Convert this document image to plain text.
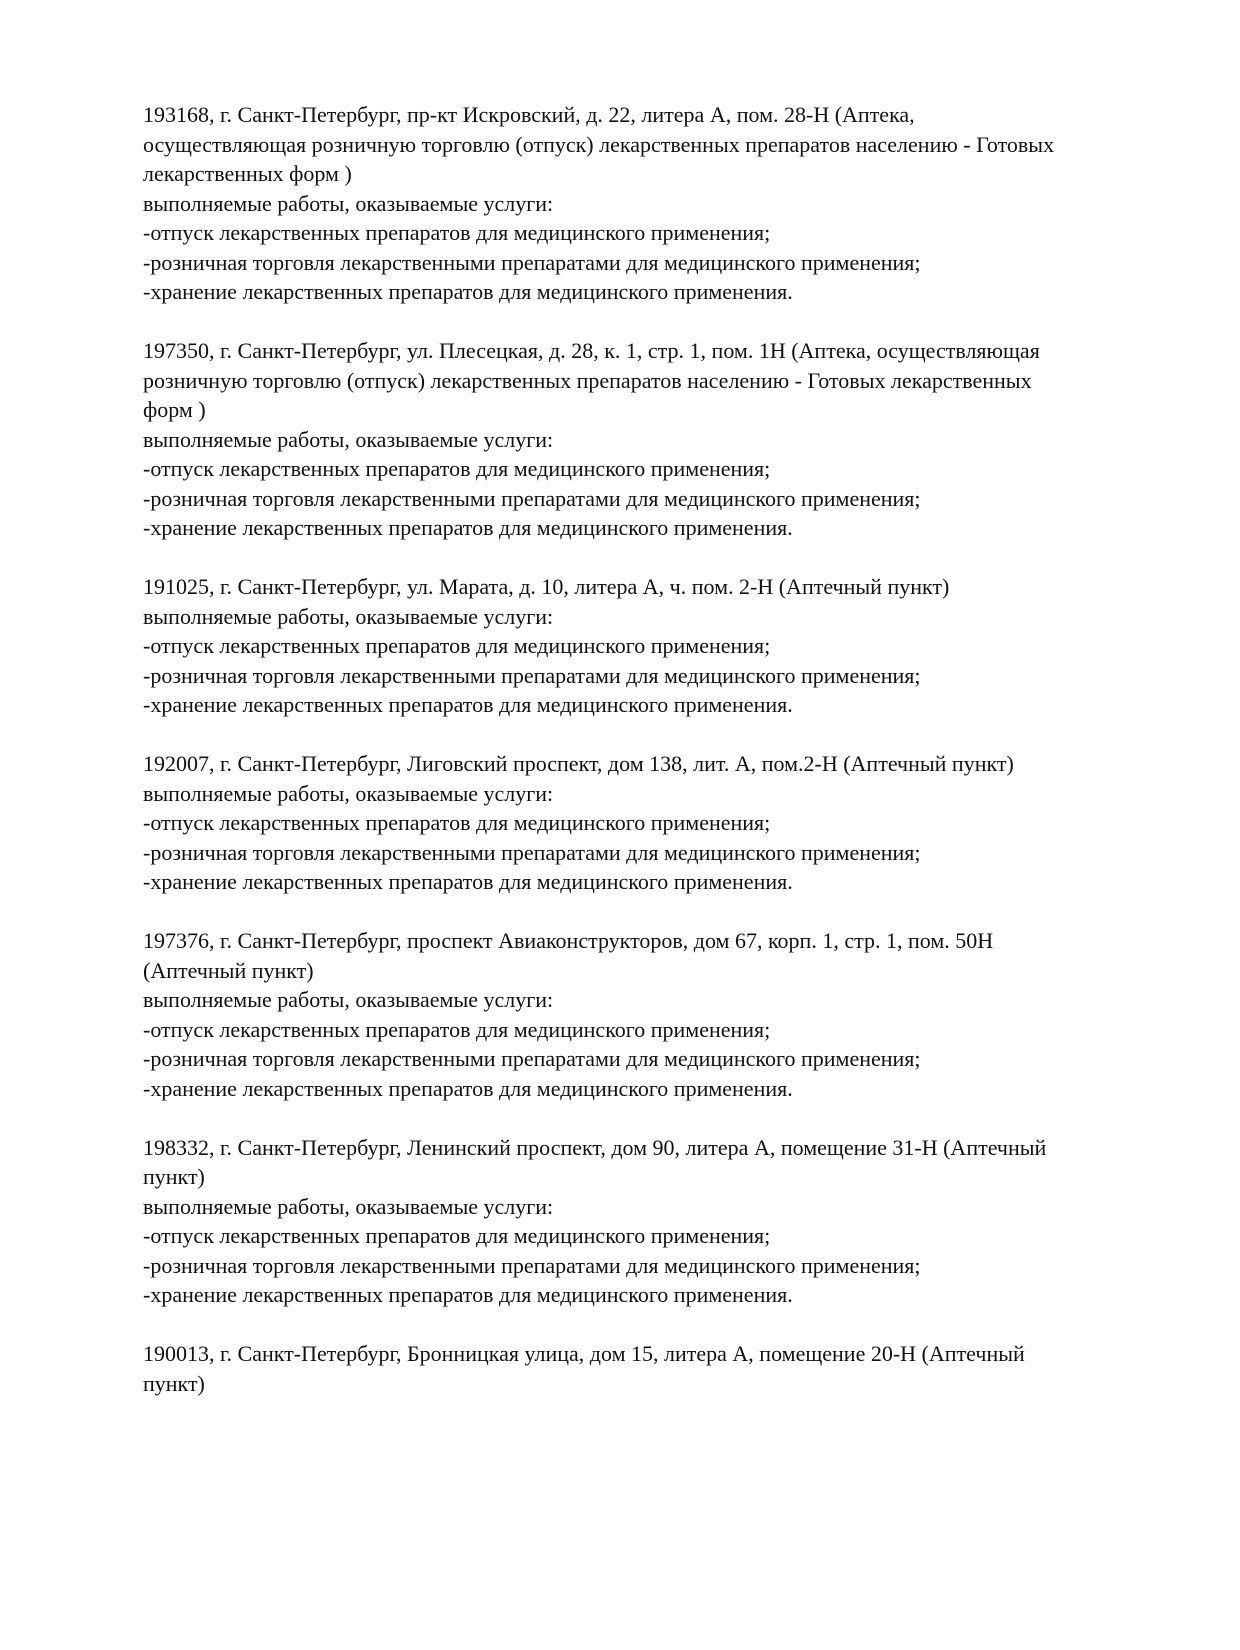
193168, г. Санкт-Петербург, пр-кт Искровский, д. 22, литера А, пом. 28-Н (Аптека,
осуществляющая розничную торговлю (отпуск) лекарственных препаратов населению - Готовых
лекарственных форм )
выполняемые работы, оказываемые услуги:
-отпуск лекарственных препаратов для медицинского применения;
-розничная торговля лекарственными препаратами для медицинского применения;
-хранение лекарственных препаратов для медицинского применения.
197350, г. Санкт-Петербург, ул. Плесецкая, д. 28, к. 1, стр. 1, пом. 1Н (Аптека, осуществляющая
розничную торговлю (отпуск) лекарственных препаратов населению - Готовых лекарственных
форм )
выполняемые работы, оказываемые услуги:
-отпуск лекарственных препаратов для медицинского применения;
-розничная торговля лекарственными препаратами для медицинского применения;
-хранение лекарственных препаратов для медицинского применения.
191025, г. Санкт-Петербург, ул. Марата, д. 10, литера А, ч. пом. 2-Н (Аптечный пункт)
выполняемые работы, оказываемые услуги:
-отпуск лекарственных препаратов для медицинского применения;
-розничная торговля лекарственными препаратами для медицинского применения;
-хранение лекарственных препаратов для медицинского применения.
192007, г. Санкт-Петербург, Лиговский проспект, дом 138, лит. А, пом.2-Н (Аптечный пункт)
выполняемые работы, оказываемые услуги:
-отпуск лекарственных препаратов для медицинского применения;
-розничная торговля лекарственными препаратами для медицинского применения;
-хранение лекарственных препаратов для медицинского применения.
197376, г. Санкт-Петербург, проспект Авиаконструкторов, дом 67, корп. 1, стр. 1, пом. 50Н
(Аптечный пункт)
выполняемые работы, оказываемые услуги:
-отпуск лекарственных препаратов для медицинского применения;
-розничная торговля лекарственными препаратами для медицинского применения;
-хранение лекарственных препаратов для медицинского применения.
198332, г. Санкт-Петербург, Ленинский проспект, дом 90, литера А, помещение 31-Н (Аптечный
пункт)
выполняемые работы, оказываемые услуги:
-отпуск лекарственных препаратов для медицинского применения;
-розничная торговля лекарственными препаратами для медицинского применения;
-хранение лекарственных препаратов для медицинского применения.
190013, г. Санкт-Петербург, Бронницкая улица, дом 15, литера А, помещение 20-Н (Аптечный
пункт)
